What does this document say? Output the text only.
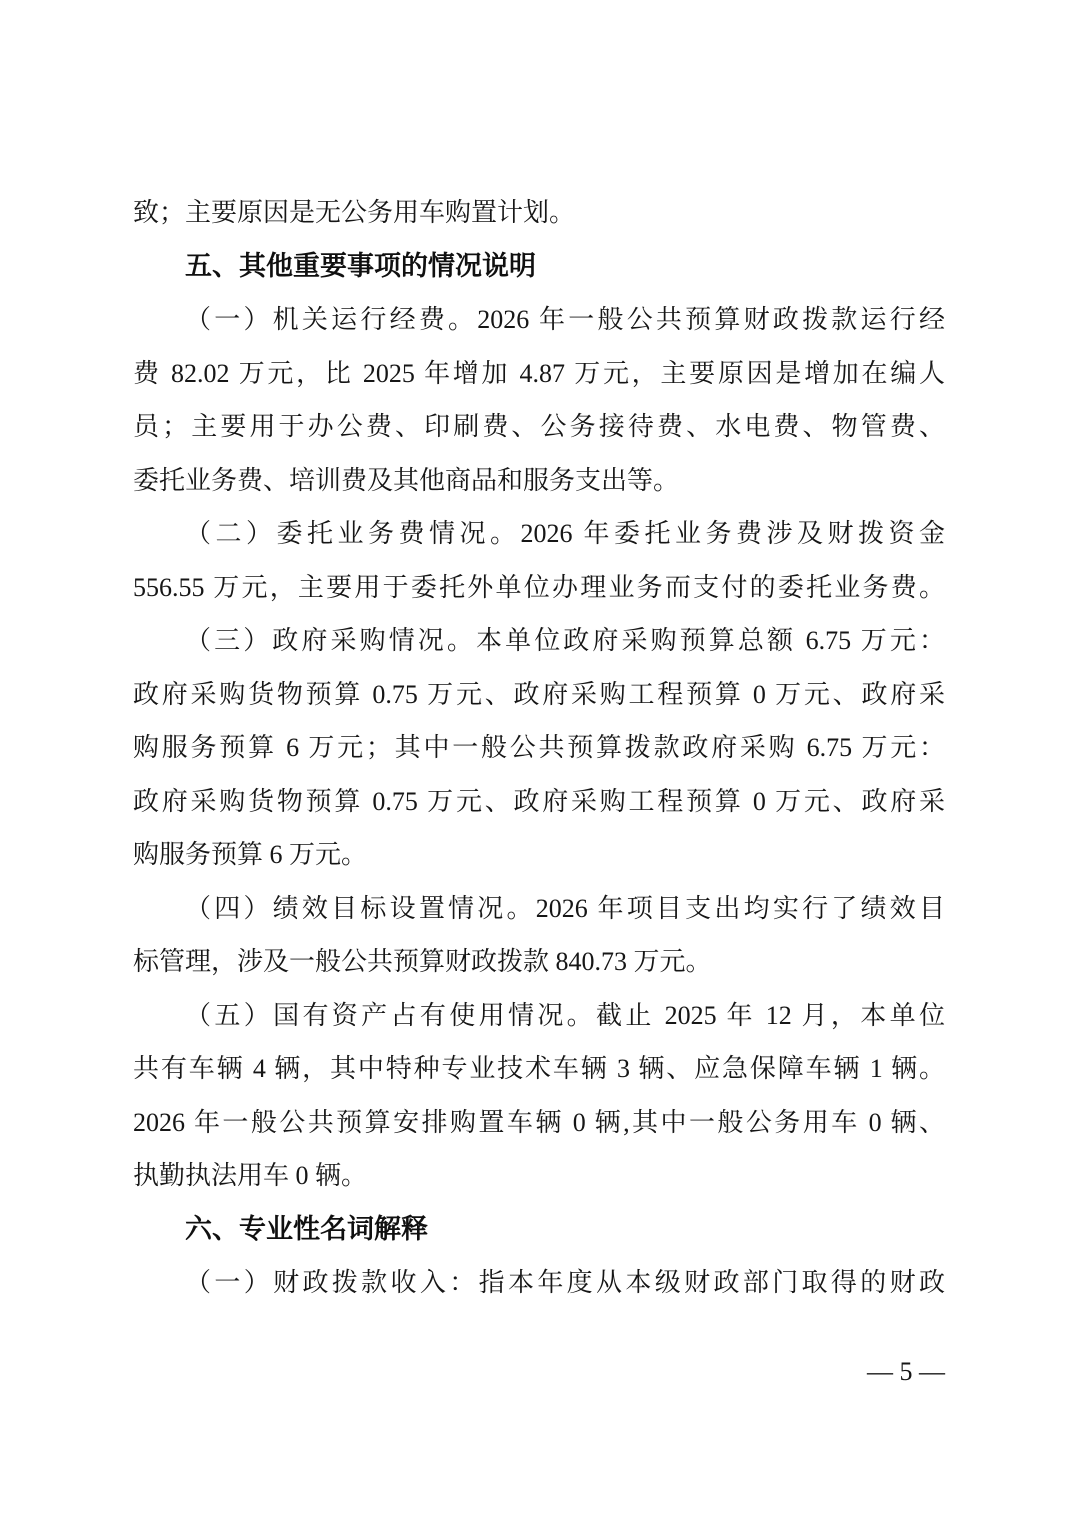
致；主要原因是无公务用车购置计划。
五、其他重要事项的情况说明
（一）机关运行经费。2026 年一般公共预算财政拨款运行经
费 82.02 万元，比 2025 年增加 4.87 万元，主要原因是增加在编人
员；主要用于办公费、印刷费、公务接待费、水电费、物管费、
委托业务费、培训费及其他商品和服务支出等。
（二）委托业务费情况。2026 年委托业务费涉及财拨资金
556.55 万元，主要用于委托外单位办理业务而支付的委托业务费。
（三）政府采购情况。本单位政府采购预算总额 6.75 万元：
政府采购货物预算 0.75 万元、政府采购工程预算 0 万元、政府采
购服务预算 6 万元；其中一般公共预算拨款政府采购 6.75 万元：
政府采购货物预算 0.75 万元、政府采购工程预算 0 万元、政府采
购服务预算 6 万元。
（四）绩效目标设置情况。2026 年项目支出均实行了绩效目
标管理，涉及一般公共预算财政拨款 840.73 万元。
（五）国有资产占有使用情况。截止 2025 年 12 月，本单位
共有车辆 4 辆，其中特种专业技术车辆 3 辆、应急保障车辆 1 辆。
2026 年一般公共预算安排购置车辆 0 辆,其中一般公务用车 0 辆、
执勤执法用车 0 辆。
六、专业性名词解释
（一）财政拨款收入：指本年度从本级财政部门取得的财政
— 5 —
